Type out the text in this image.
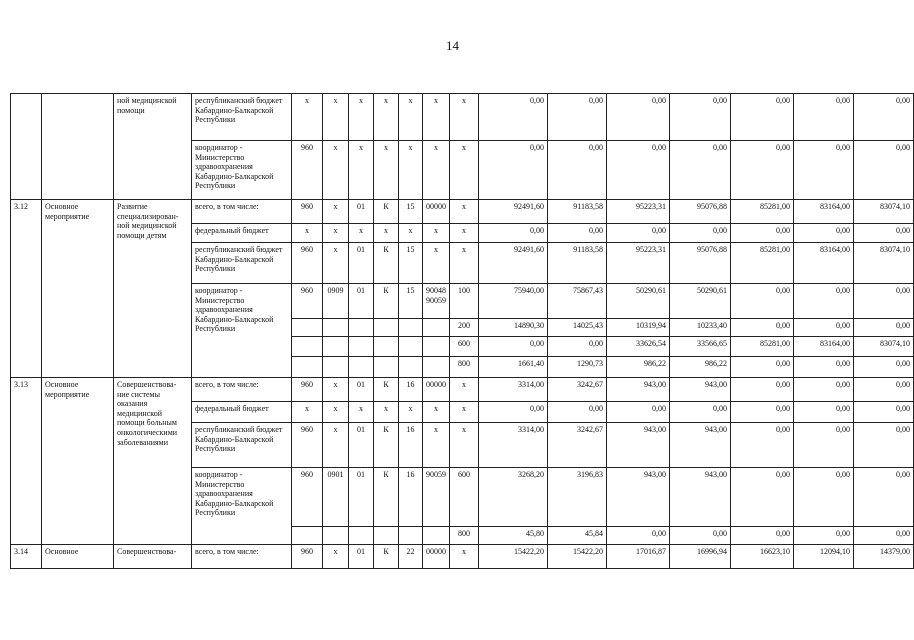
14
		ной медицинской помощи	республиканский бюджет Кабардино-Балкарской Республики	х	х	х	х	х	х	х	0,00	0,00	0,00	0,00	0,00	0,00	0,00
			координатор - Министерство здравоохранения Кабардино-Балкарской Республики	960	х	х	х	х	х	х	0,00	0,00	0,00	0,00	0,00	0,00	0,00
3.12	Основное мероприятие	Развитие специализирован-ной медицинской помощи детям	всего, в том числе:	960	х	01	К	15	00000	х	92491,60	91183,58	95223,31	95076,88	85281,00	83164,00	83074,10
			федеральный бюджет	х	х	х	х	х	х	х	0,00	0,00	0,00	0,00	0,00	0,00	0,00
			республиканский бюджет Кабардино-Балкарской Республики	960	х	01	К	15	х	х	92491,60	91183,58	95223,31	95076,88	85281,00	83164,00	83074,10
			координатор - Министерство здравоохранения Кабардино-Балкарской Республики	960	0909	01	К	15	90048 90059	100	75940,00	75867,43	50290,61	50290,61	0,00	0,00	0,00
										200	14890,30	14025,43	10319,94	10233,40	0,00	0,00	0,00
										600	0,00	0,00	33626,54	33566,65	85281,00	83164,00	83074,10
										800	1661,40	1290,73	986,22	986,22	0,00	0,00	0,00
3.13	Основное мероприятие	Совершенствова-ние системы оказания медицинской помощи больным онкологическими заболеваниями	всего, в том числе:	960	х	01	К	16	00000	х	3314,00	3242,67	943,00	943,00	0,00	0,00	0,00
			федеральный бюджет	х	х	х	х	х	х	х	0,00	0,00	0,00	0,00	0,00	0,00	0,00
			республиканский бюджет Кабардино-Балкарской Республики	960	х	01	К	16	х	х	3314,00	3242,67	943,00	943,00	0,00	0,00	0,00
			координатор - Министерство здравоохранения Кабардино-Балкарской Республики	960	0901	01	К	16	90059	600	3268,20	3196,83	943,00	943,00	0,00	0,00	0,00
										800	45,80	45,84	0,00	0,00	0,00	0,00	0,00
3.14	Основное	Совершенствова-	всего, в том числе:	960	х	01	К	22	00000	х	15422,20	15422,20	17016,87	16996,94	16623,10	12094,10	14379,00
